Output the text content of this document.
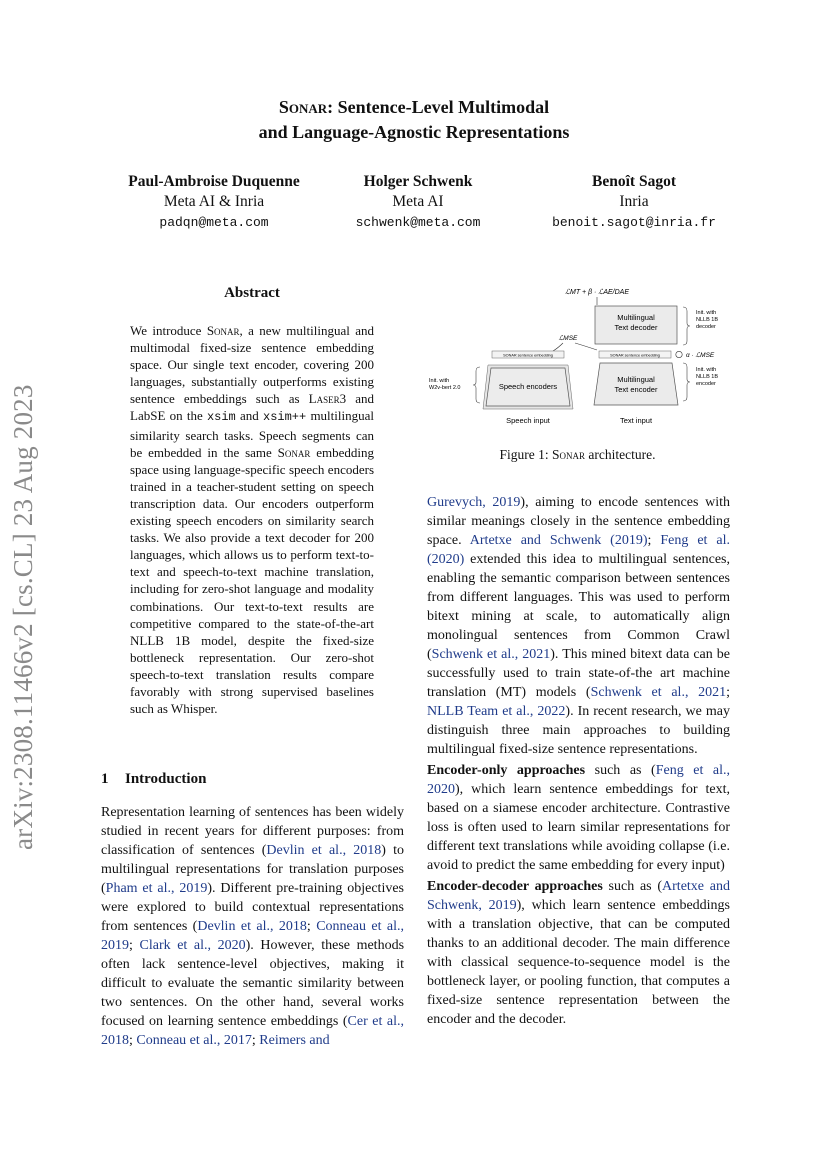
Sonar: Sentence-Level Multimodal
and Language-Agnostic Representations
Paul-Ambroise Duquenne
Meta AI & Inria
padqn@meta.com
Holger Schwenk
Meta AI
schwenk@meta.com
Benoît Sagot
Inria
benoit.sagot@inria.fr
arXiv:2308.11466v2 [cs.CL] 23 Aug 2023
Abstract
We introduce Sonar, a new multilingual and multimodal fixed-size sentence embedding space. Our single text encoder, covering 200 languages, substantially outperforms existing sentence embeddings such as Laser3 and LabSE on the xsim and xsim++ multilingual similarity search tasks. Speech segments can be embedded in the same Sonar embedding space using language-specific speech encoders trained in a teacher-student setting on speech transcription data. Our encoders outperform existing speech encoders on similarity search tasks. We also provide a text decoder for 200 languages, which allows us to perform text-to-text and speech-to-text machine translation, including for zero-shot language and modality combinations. Our text-to-text results are competitive compared to the state-of-the-art NLLB 1B model, despite the fixed-size bottleneck representation. Our zero-shot speech-to-text translation results compare favorably with strong supervised baselines such as Whisper.
ℒMT + β · ℒAE/DAE
Multilingual
Text decoder
Init. with
NLLB 1B
decoder
ℒMSE
SONAR sentence embedding	SONAR sentence embedding	α · ℒMSE
Speech encoders
Multilingual
Text encoder
Init. with
NLLB 1B
encoder
Init. with
W2v-bert 2.0
Speech input	Text input
Figure 1: Sonar architecture.
1 Introduction
Representation learning of sentences has been widely studied in recent years for different purposes: from classification of sentences (Devlin et al., 2018) to multilingual representations for translation purposes (Pham et al., 2019). Different pre-training objectives were explored to build contextual representations from sentences (Devlin et al., 2018; Conneau et al., 2019; Clark et al., 2020). However, these methods often lack sentence-level objectives, making it difficult to evaluate the semantic similarity between two sentences. On the other hand, several works focused on learning sentence embeddings (Cer et al., 2018; Conneau et al., 2017; Reimers and

Gurevych, 2019), aiming to encode sentences with similar meanings closely in the sentence embedding space. Artetxe and Schwenk (2019); Feng et al. (2020) extended this idea to multilingual sentences, enabling the semantic comparison between sentences from different languages. This was used to perform bitext mining at scale, to automatically align monolingual sentences from Common Crawl (Schwenk et al., 2021). This mined bitext data can be successfully used to train state-of-the art machine translation (MT) models (Schwenk et al., 2021; NLLB Team et al., 2022). In recent research, we may distinguish three main approaches to building multilingual fixed-size sentence representations.

Encoder-only approaches such as (Feng et al., 2020), which learn sentence embeddings for text, based on a siamese encoder architecture. Contrastive loss is often used to learn similar representations for different text translations while avoiding collapse (i.e. avoid to predict the same embedding for every input)

Encoder-decoder approaches such as (Artetxe and Schwenk, 2019), which learn sentence embeddings with a translation objective, that can be computed thanks to an additional decoder. The main difference with classical sequence-to-sequence model is the bottleneck layer, or pooling function, that computes a fixed-size sentence representation between the encoder and the decoder.
